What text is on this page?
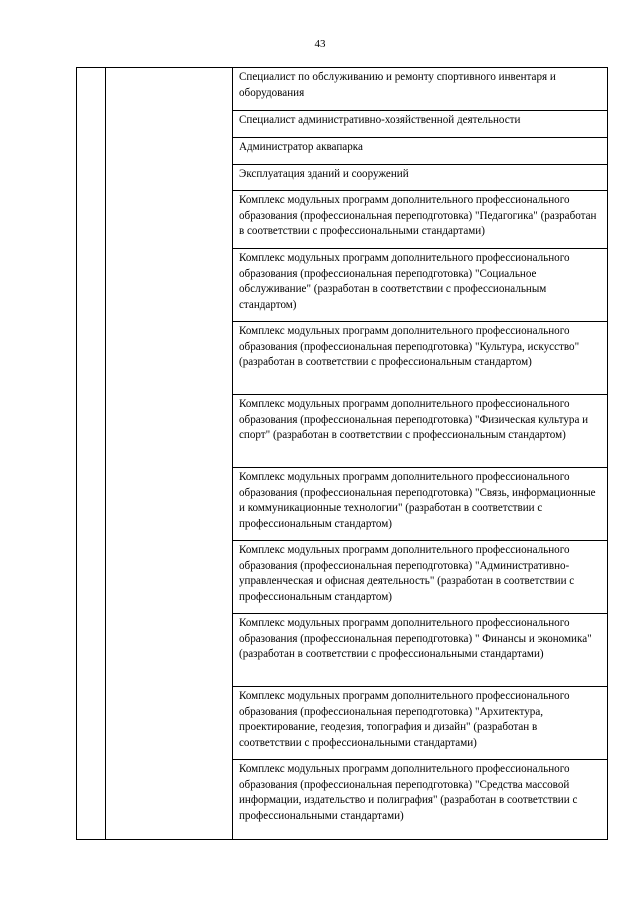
43
Специалист по обслуживанию и ремонту спортивного инвентаря и оборудования
Специалист административно-хозяйственной деятельности
Администратор аквапарка
Эксплуатация зданий и сооружений
Комплекс модульных программ дополнительного профессионального образования (профессиональная переподготовка) "Педагогика" (разработан в соответствии с профессиональными стандартами)
Комплекс модульных программ дополнительного профессионального образования (профессиональная переподготовка) "Социальное обслуживание" (разработан в соответствии с профессиональным стандартом)
Комплекс модульных программ дополнительного профессионального образования (профессиональная переподготовка) "Культура, искусство" (разработан в соответствии с профессиональным стандартом)
Комплекс модульных программ дополнительного профессионального образования (профессиональная переподготовка) "Физическая культура и спорт" (разработан в соответствии с профессиональным стандартом)
Комплекс модульных программ дополнительного профессионального образования (профессиональная переподготовка) "Связь, информационные и коммуникационные технологии" (разработан в соответствии с профессиональным стандартом)
Комплекс модульных программ дополнительного профессионального образования (профессиональная переподготовка) "Административно-управленческая и офисная деятельность" (разработан в соответствии с профессиональным стандартом)
Комплекс модульных программ дополнительного профессионального образования (профессиональная переподготовка) " Финансы и экономика" (разработан в соответствии с профессиональными стандартами)
Комплекс модульных программ дополнительного профессионального образования (профессиональная переподготовка) "Архитектура, проектирование, геодезия, топография и дизайн" (разработан в соответствии с профессиональными стандартами)
Комплекс модульных программ дополнительного профессионального образования (профессиональная переподготовка) "Средства массовой информации, издательство и полиграфия" (разработан в соответствии с профессиональными стандартами)
